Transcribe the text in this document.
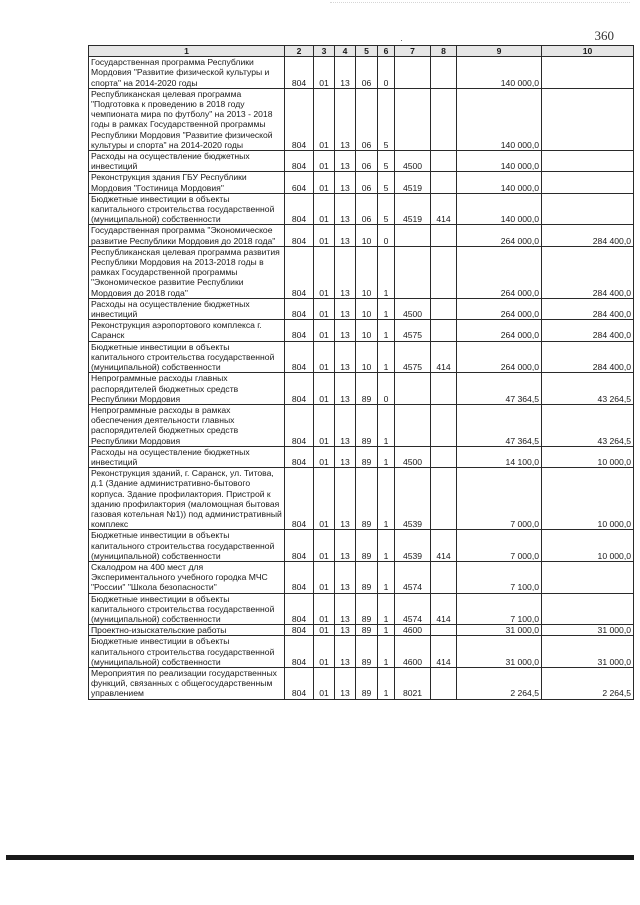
360
·
1	2	3	4	5	6	7	8	9	10
Государственная программа Республики Мордовия "Развитие физической культуры и спорта" на 2014-2020 годы	804	01	13	06	0			140 000,0	
Республиканская целевая программа "Подготовка к проведению в 2018 году чемпионата мира по футболу" на 2013 - 2018 годы в рамках Государственной программы Республики Мордовия "Развитие физической культуры и спорта" на 2014-2020 годы	804	01	13	06	5			140 000,0	
Расходы на осуществление бюджетных инвестиций	804	01	13	06	5	4500		140 000,0	
Реконструкция здания ГБУ Республики Мордовия "Гостиница Мордовия"	604	01	13	06	5	4519		140 000,0	
Бюджетные инвестиции в объекты капитального строительства государственной (муниципальной) собственности	804	01	13	06	5	4519	414	140 000,0	
Государственная программа "Экономическое развитие Республики Мордовия до 2018 года"	804	01	13	10	0			264 000,0	284 400,0
Республиканская целевая программа развития Республики Мордовия на 2013-2018 годы в рамках Государственной программы "Экономическое развитие Республики Мордовия до 2018 года"	804	01	13	10	1			264 000,0	284 400,0
Расходы на осуществление бюджетных инвестиций	804	01	13	10	1	4500		264 000,0	284 400,0
Реконструкция аэропортового комплекса г. Саранск	804	01	13	10	1	4575		264 000,0	284 400,0
Бюджетные инвестиции в объекты капитального строительства государственной (муниципальной) собственности	804	01	13	10	1	4575	414	264 000,0	284 400,0
Непрограммные расходы главных распорядителей бюджетных средств Республики Мордовия	804	01	13	89	0			47 364,5	43 264,5
Непрограммные расходы в рамках обеспечения деятельности главных распорядителей бюджетных средств Республики Мордовия	804	01	13	89	1			47 364,5	43 264,5
Расходы на осуществление бюджетных инвестиций	804	01	13	89	1	4500		14 100,0	10 000,0
Реконструкция зданий, г. Саранск, ул. Титова, д.1 (Здание административно-бытового корпуса. Здание профилактория. Пристрой к зданию профилактория (маломощная бытовая газовая котельная №1)) под административный комплекс	804	01	13	89	1	4539		7 000,0	10 000,0
Бюджетные инвестиции в объекты капитального строительства государственной (муниципальной) собственности	804	01	13	89	1	4539	414	7 000,0	10 000,0
Скалодром на 400 мест для Экспериментального учебного городка МЧС "России" "Школа безопасности"	804	01	13	89	1	4574		7 100,0	
Бюджетные инвестиции в объекты капитального строительства государственной (муниципальной) собственности	804	01	13	89	1	4574	414	7 100,0	
Проектно-изыскательские работы	804	01	13	89	1	4600		31 000,0	31 000,0
Бюджетные инвестиции в объекты капитального строительства государственной (муниципальной) собственности	804	01	13	89	1	4600	414	31 000,0	31 000,0
Мероприятия по реализации государственных функций, связанных с общегосударственным управлением	804	01	13	89	1	8021		2 264,5	2 264,5
